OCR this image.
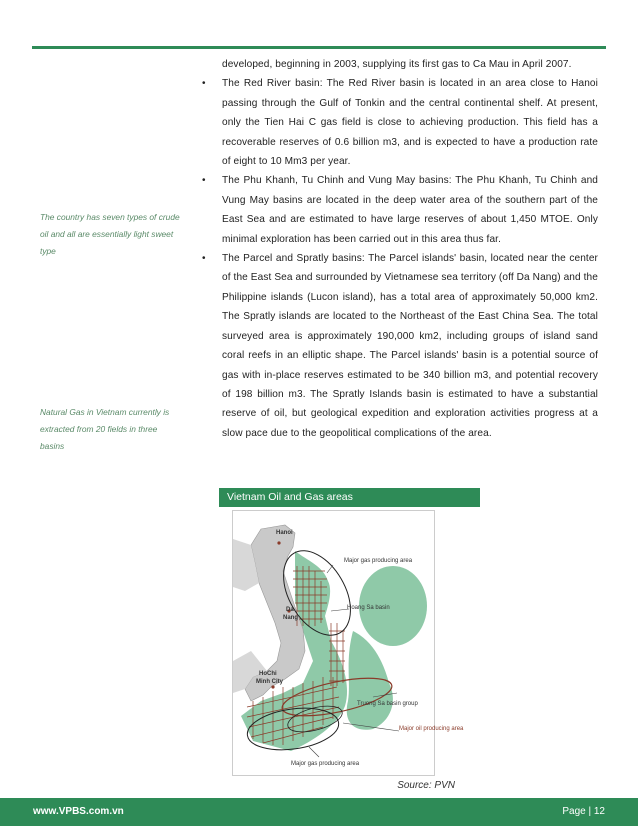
The country has seven types of crude oil and all are essentially light sweet type
Natural Gas in Vietnam currently is extracted from 20 fields in three basins

developed, beginning in 2003, supplying its first gas to Ca Mau in April 2007.

• The Red River basin: The Red River basin is located in an area close to Hanoi passing through the Gulf of Tonkin and the central continental shelf. At present, only the Tien Hai C gas field is close to achieving production. This field has a recoverable reserves of 0.6 billion m3, and is expected to have a production rate of eight to 10 Mm3 per year.
• The Phu Khanh, Tu Chinh and Vung May basins: The Phu Khanh, Tu Chinh and Vung May basins are located in the deep water area of the southern part of the East Sea and are estimated to have large reserves of about 1,450 MTOE. Only minimal exploration has been carried out in this area thus far.
• The Parcel and Spratly basins: The Parcel islands' basin, located near the center of the East Sea and surrounded by Vietnamese sea territory (off Da Nang) and the Philippine islands (Lucon island), has a total area of approximately 50,000 km2. The Spratly islands are located to the Northeast of the East China Sea. The total surveyed area is approximately 190,000 km2, including groups of island sand coral reefs in an elliptic shape. The Parcel islands' basin is a potential source of gas with in-place reserves estimated to be 340 billion m3, and potential recovery of 198 billion m3. The Spratly Islands basin is estimated to have a substantial reserve of oil, but geological expedition and exploration activities progress at a slow pace due to the geopolitical complications of the area.
Vietnam Oil and Gas areas
Hanoi
Major gas producing area
Da
Nang
Hoang Sa basin
HoChi
Minh City
Truong Sa basin group
Major oil producing area
Major gas producing area
Source: PVN
www.VPBS.com.vn	Page | 12
